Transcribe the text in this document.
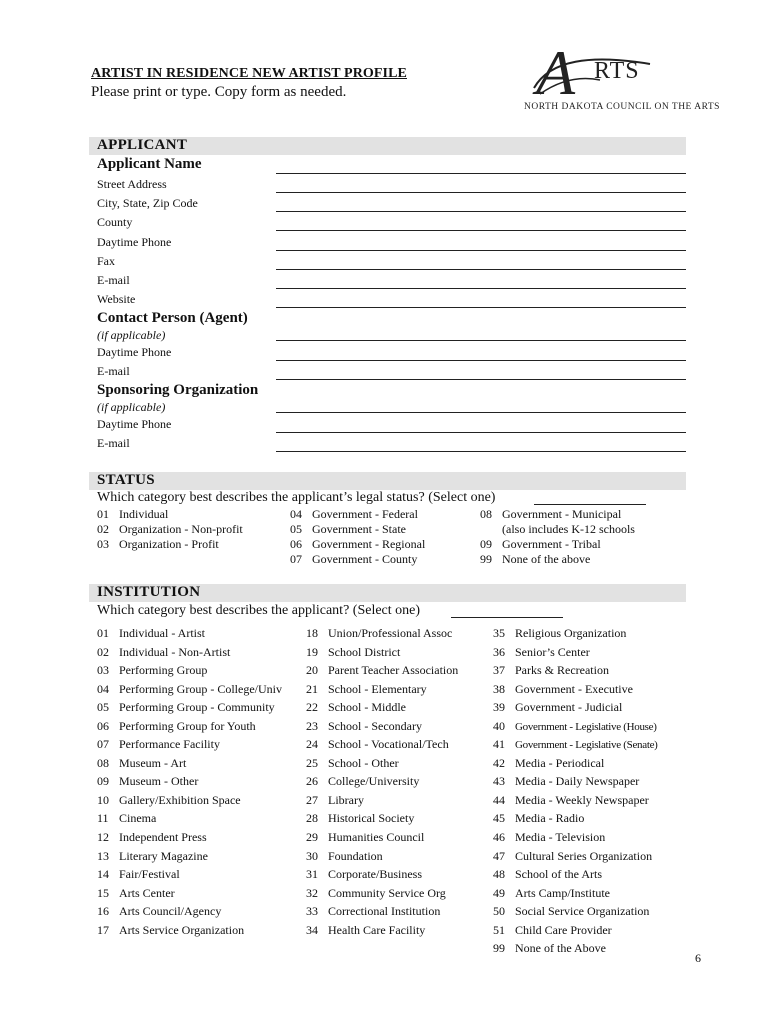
ARTIST IN RESIDENCE NEW ARTIST PROFILE
Please print or type. Copy form as needed.	A RTS
NORTH DAKOTA COUNCIL ON THE ARTS
APPLICANT
Applicant Name
Street Address
City, State, Zip Code
County
Daytime Phone
Fax
E-mail
Website
Contact Person (Agent)
(if applicable)
Daytime Phone
E-mail
Sponsoring Organization
(if applicable)
Daytime Phone
E-mail
STATUS
Which category best describes the applicant’s legal status? (Select one)
01 Individual
02 Organization - Non-profit
03 Organization - Profit
04 Government - Federal
05 Government - State
06 Government - Regional
07 Government - County
08 Government - Municipal
(also includes K-12 schools
09 Government - Tribal
99 None of the above
INSTITUTION
Which category best describes the applicant? (Select one)
01 Individual - Artist
02 Individual - Non-Artist
03 Performing Group
04 Performing Group - College/Univ
05 Performing Group - Community
06 Performing Group for Youth
07 Performance Facility
08 Museum - Art
09 Museum - Other
10 Gallery/Exhibition Space
11 Cinema
12 Independent Press
13 Literary Magazine
14 Fair/Festival
15 Arts Center
16 Arts Council/Agency
17 Arts Service Organization
18 Union/Professional Assoc
19 School District
20 Parent Teacher Association
21 School - Elementary
22 School - Middle
23 School - Secondary
24 School - Vocational/Tech
25 School - Other
26 College/University
27 Library
28 Historical Society
29 Humanities Council
30 Foundation
31 Corporate/Business
32 Community Service Org
33 Correctional Institution
34 Health Care Facility
35 Religious Organization
36 Senior’s Center
37 Parks & Recreation
38 Government - Executive
39 Government - Judicial
40 Government - Legislative (House)
41 Government - Legislative (Senate)
42 Media - Periodical
43 Media - Daily Newspaper
44 Media - Weekly Newspaper
45 Media - Radio
46 Media - Television
47 Cultural Series Organization
48 School of the Arts
49 Arts Camp/Institute
50 Social Service Organization
51 Child Care Provider
99 None of the Above
6
